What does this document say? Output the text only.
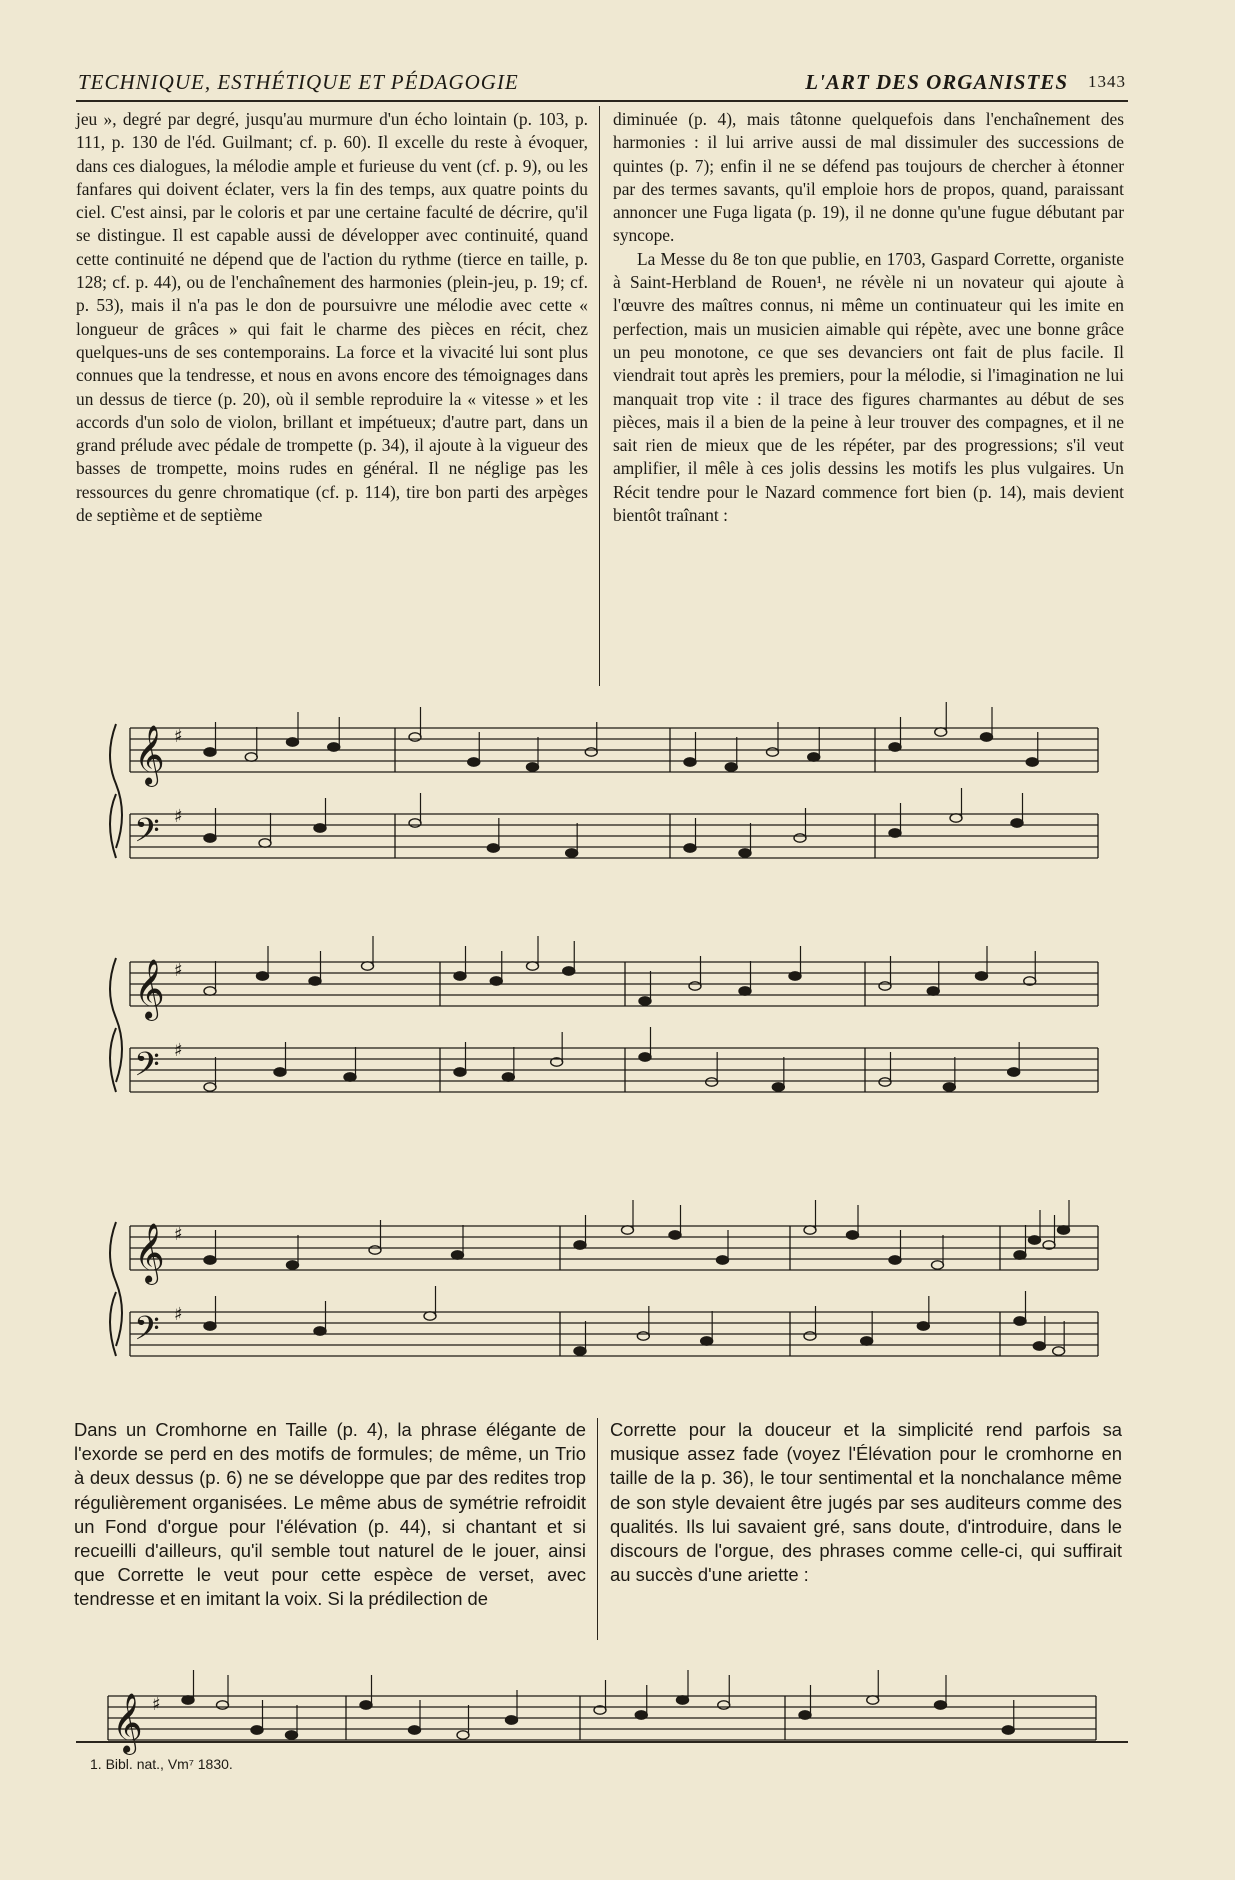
TECHNIQUE, ESTHÉTIQUE ET PÉDAGOGIE	L'ART DES ORGANISTES 1343

jeu », degré par degré, jusqu'au murmure d'un écho lointain (p. 103, p. 111, p. 130 de l'éd. Guilmant; cf. p. 60). Il excelle du reste à évoquer, dans ces dialogues, la mélodie ample et furieuse du vent (cf. p. 9), ou les fanfares qui doivent éclater, vers la fin des temps, aux quatre points du ciel. C'est ainsi, par le coloris et par une certaine faculté de décrire, qu'il se distingue. Il est capable aussi de développer avec continuité, quand cette continuité ne dépend que de l'action du rythme (tierce en taille, p. 128; cf. p. 44), ou de l'enchaînement des harmonies (plein-jeu, p. 19; cf. p. 53), mais il n'a pas le don de poursuivre une mélodie avec cette « longueur de grâces » qui fait le charme des pièces en récit, chez quelques-uns de ses contemporains. La force et la vivacité lui sont plus connues que la tendresse, et nous en avons encore des témoignages dans un dessus de tierce (p. 20), où il semble reproduire la « vitesse » et les accords d'un solo de violon, brillant et impétueux; d'autre part, dans un grand prélude avec pédale de trompette (p. 34), il ajoute à la vigueur des basses de trompette, moins rudes en général. Il ne néglige pas les ressources du genre chromatique (cf. p. 114), tire bon parti des arpèges de septième et de septième

diminuée (p. 4), mais tâtonne quelquefois dans l'enchaînement des harmonies : il lui arrive aussi de mal dissimuler des successions de quintes (p. 7); enfin il ne se défend pas toujours de chercher à étonner par des termes savants, qu'il emploie hors de propos, quand, paraissant annoncer une Fuga ligata (p. 19), il ne donne qu'une fugue débutant par syncope.

La Messe du 8e ton que publie, en 1703, Gaspard Corrette, organiste à Saint-Herbland de Rouen¹, ne révèle ni un novateur qui ajoute à l'œuvre des maîtres connus, ni même un continuateur qui les imite en perfection, mais un musicien aimable qui répète, avec une bonne grâce un peu monotone, ce que ses devanciers ont fait de plus facile. Il viendrait tout après les premiers, pour la mélodie, si l'imagination ne lui manquait trop vite : il trace des figures charmantes au début de ses pièces, mais il a bien de la peine à leur trouver des compagnes, et il ne sait rien de mieux que de les répéter, par des progressions; s'il veut amplifier, il mêle à ces jolis dessins les motifs les plus vulgaires. Un Récit tendre pour le Nazard commence fort bien (p. 14), mais devient bientôt traînant :

𝄞
𝄢
♯
♯
𝄞
𝄢
♯
♯
𝄞
𝄢
♯
♯
𝄞 ♯

Dans un Cromhorne en Taille (p. 4), la phrase élégante de l'exorde se perd en des motifs de formules; de même, un Trio à deux dessus (p. 6) ne se développe que par des redites trop régulièrement organisées. Le même abus de symétrie refroidit un Fond d'orgue pour l'élévation (p. 44), si chantant et si recueilli d'ailleurs, qu'il semble tout naturel de le jouer, ainsi que Corrette le veut pour cette espèce de verset, avec tendresse et en imitant la voix. Si la prédilection de

Corrette pour la douceur et la simplicité rend parfois sa musique assez fade (voyez l'Élévation pour le cromhorne en taille de la p. 36), le tour sentimental et la nonchalance même de son style devaient être jugés par ses auditeurs comme des qualités. Ils lui savaient gré, sans doute, d'introduire, dans le discours de l'orgue, des phrases comme celle-ci, qui suffirait au succès d'une ariette :

1. Bibl. nat., Vm⁷ 1830.
